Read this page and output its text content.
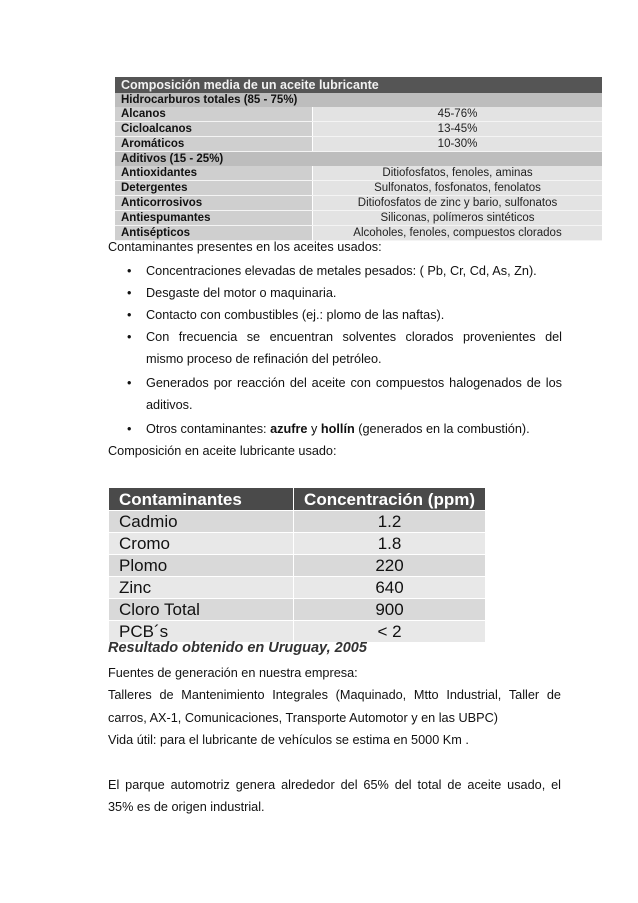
Composición media de un aceite lubricante	
Hidrocarburos totales (85 - 75%)	
Alcanos	45-76%
Cicloalcanos	13-45%
Aromáticos	10-30%
Aditivos (15 - 25%)	
Antioxidantes	Ditiofosfatos, fenoles, aminas
Detergentes	Sulfonatos, fosfonatos, fenolatos
Anticorrosivos	Ditiofosfatos de zinc y bario, sulfonatos
Antiespumantes	Siliconas, polímeros sintéticos
Antisépticos	Alcoholes, fenoles, compuestos clorados
Contaminantes presentes en los aceites usados:
• Concentraciones elevadas de metales pesados: ( Pb, Cr, Cd, As, Zn).
• Desgaste del motor o maquinaria.
• Contacto con combustibles (ej.: plomo de las naftas).
• Con frecuencia se encuentran solventes clorados provenientes del
mismo proceso de refinación del petróleo.
• Generados por reacción del aceite con compuestos halogenados de los
aditivos.
• Otros contaminantes: azufre y hollín (generados en la combustión).
Composición en aceite lubricante usado:
Contaminantes	Concentración (ppm)
Cadmio	1.2
Cromo	1.8
Plomo	220
Zinc	640
Cloro Total	900
PCB´s	< 2
Resultado obtenido en Uruguay, 2005
Fuentes de generación en nuestra empresa:
Talleres de Mantenimiento Integrales (Maquinado, Mtto Industrial, Taller de
carros, AX-1, Comunicaciones, Transporte Automotor y en las UBPC)
Vida útil: para el lubricante de vehículos se estima en 5000 Km .
El parque automotriz genera alrededor del 65% del total de aceite usado, el
35% es de origen industrial.
